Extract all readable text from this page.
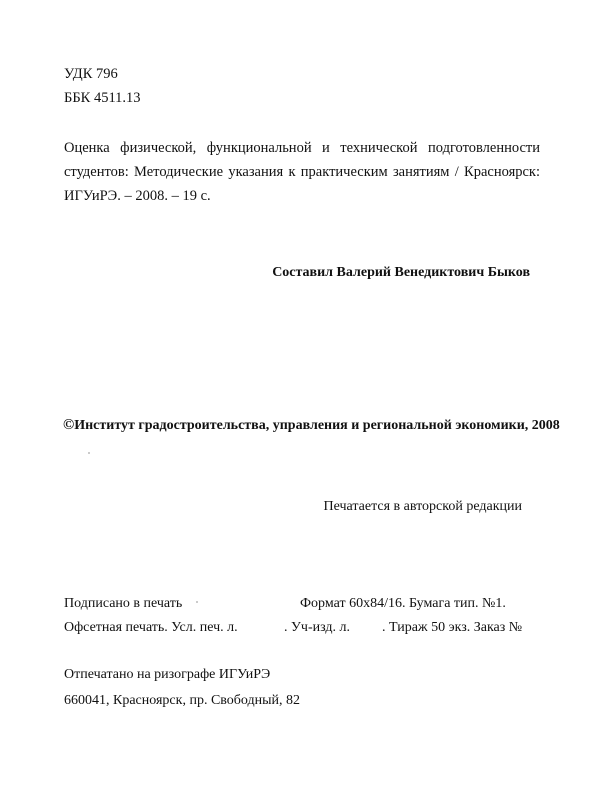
УДК 796
ББК 4511.13
Оценка физической, функциональной и технической подготовленности студентов: Методические указания к практическим занятиям / Красноярск: ИГУиРЭ. – 2008. – 19 с.
Составил Валерий Венедиктович Быков
©Институт градостроительства, управления и региональной экономики, 2008
Печатается в авторской редакции
Подписано в печать	Формат 60х84/16. Бумага тип. №1.
Офсетная печать. Усл. печ. л.	. Уч-изд. л. . Тираж 50 экз. Заказ №
Отпечатано на ризографе ИГУиРЭ
660041, Красноярск, пр. Свободный, 82
